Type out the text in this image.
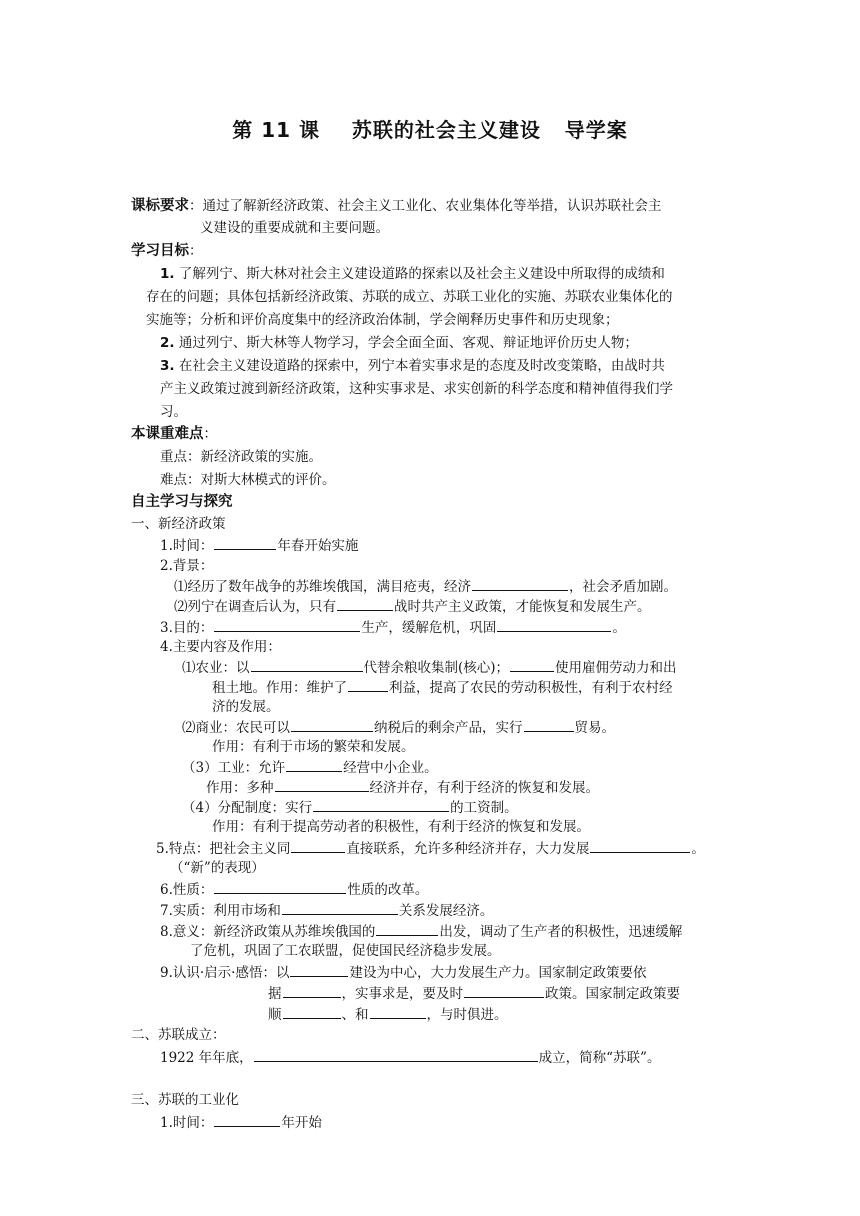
第 11 课    苏联的社会主义建设   导学案
课标要求：通过了解新经济政策、社会主义工业化、农业集体化等举措，认识苏联社会主
义建设的重要成就和主要问题。
学习目标：
1. 了解列宁、斯大林对社会主义建设道路的探索以及社会主义建设中所取得的成绩和
存在的问题；具体包括新经济政策、苏联的成立、苏联工业化的实施、苏联农业集体化的
实施等；分析和评价高度集中的经济政治体制，学会阐释历史事件和历史现象；
2. 通过列宁、斯大林等人物学习，学会全面全面、客观、辩证地评价历史人物；
3. 在社会主义建设道路的探索中，列宁本着实事求是的态度及时改变策略，由战时共
产主义政策过渡到新经济政策，这种实事求是、求实创新的科学态度和精神值得我们学
习。
本课重难点：
重点：新经济政策的实施。
难点：对斯大林模式的评价。
自主学习与探究
一、新经济政策
1.时间：	年春开始实施
2.背景：
⑴经历了数年战争的苏维埃俄国，满目疮夷，经济	，社会矛盾加剧。
⑵列宁在调查后认为，只有	战时共产主义政策，才能恢复和发展生产。
3.目的：	生产，缓解危机，巩固	。
4.主要内容及作用：
⑴农业：以	代替余粮收集制(核心)；	使用雇佣劳动力和出
租土地。作用：维护了	利益，提高了农民的劳动积极性，有利于农村经
济的发展。
⑵商业：农民可以	纳税后的剩余产品，实行	贸易。
作用：有利于市场的繁荣和发展。
（3）工业：允许	经营中小企业。
作用：多种	经济并存，有利于经济的恢复和发展。
（4）分配制度：实行	的工资制。
作用：有利于提高劳动者的积极性，有利于经济的恢复和发展。
5.特点：把社会主义同	直接联系，允许多种经济并存，大力发展	。
（“新”的表现）
6.性质：	性质的改革。
7.实质：利用市场和	关系发展经济。
8.意义：新经济政策从苏维埃俄国的	出发，调动了生产者的积极性，迅速缓解
了危机，巩固了工农联盟，促使国民经济稳步发展。
9.认识·启示·感悟：以	建设为中心，大力发展生产力。国家制定政策要依
据	，实事求是，要及时	政策。国家制定政策要
顺	、和	，与时俱进。
二、苏联成立：
1922 年年底，	成立，简称“苏联”。
三、苏联的工业化
1.时间：	年开始
